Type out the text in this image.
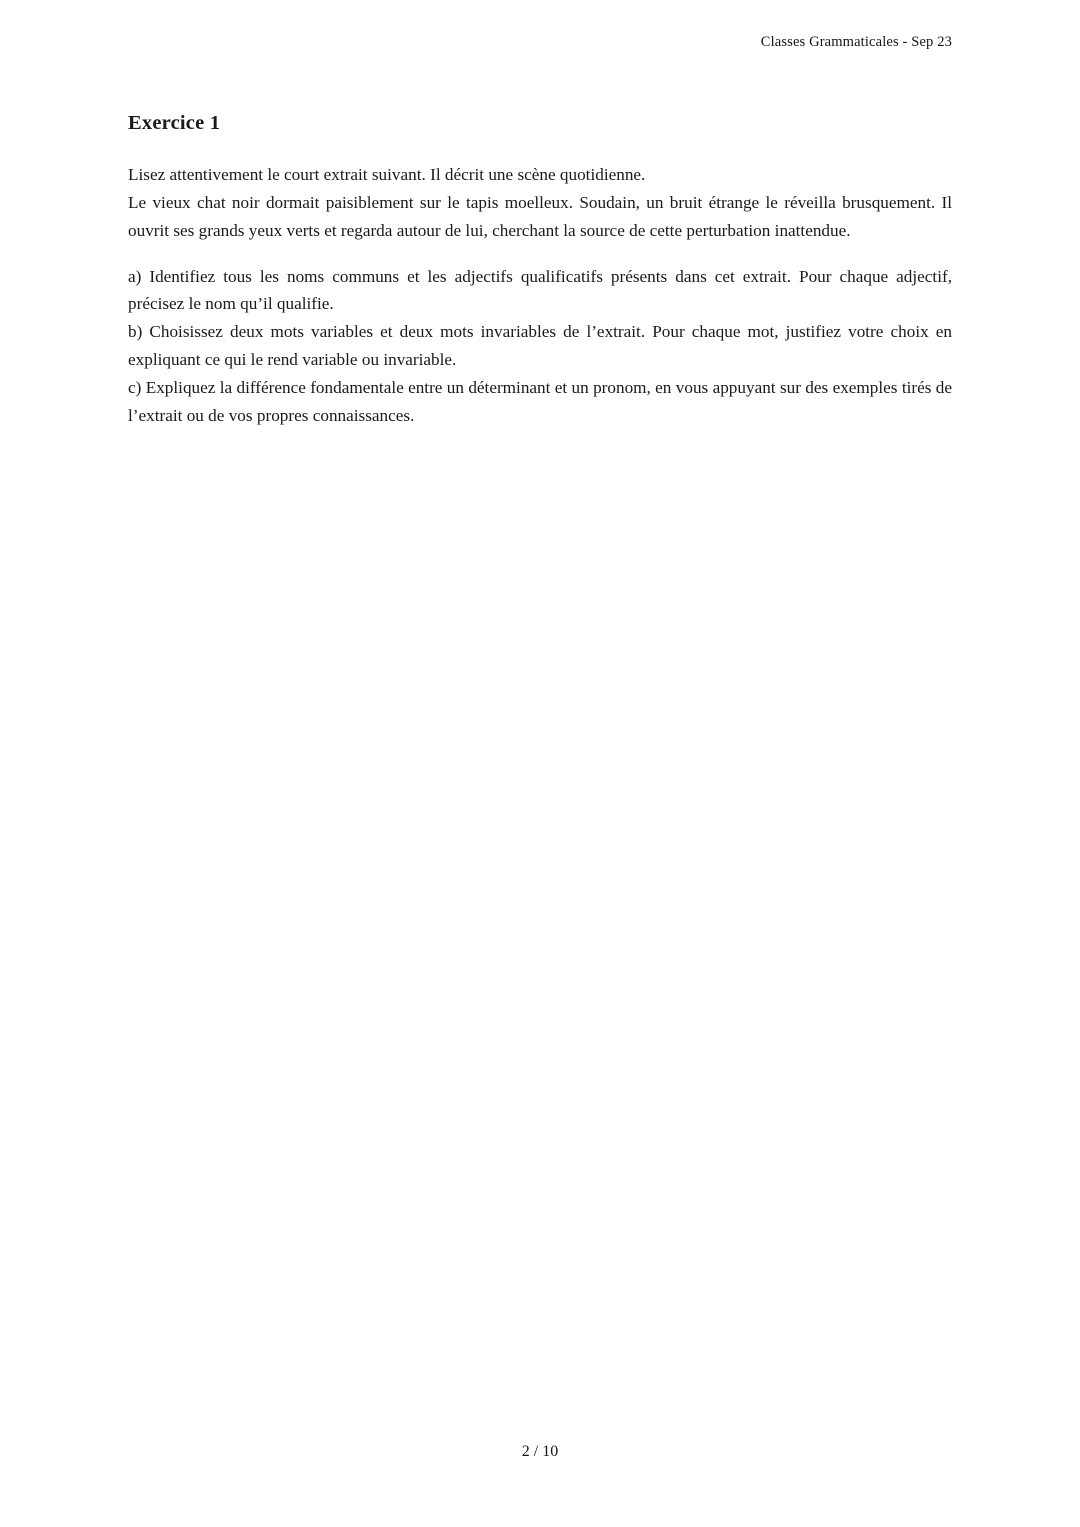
Classes Grammaticales - Sep 23
Exercice 1

Lisez attentivement le court extrait suivant. Il décrit une scène quotidienne.

Le vieux chat noir dormait paisiblement sur le tapis moelleux. Soudain, un bruit étrange le réveilla brusquement. Il ouvrit ses grands yeux verts et regarda autour de lui, cherchant la source de cette perturbation inattendue.

a) Identifiez tous les noms communs et les adjectifs qualificatifs présents dans cet extrait. Pour chaque adjectif, précisez le nom qu’il qualifie.

b) Choisissez deux mots variables et deux mots invariables de l’extrait. Pour chaque mot, justifiez votre choix en expliquant ce qui le rend variable ou invariable.

c) Expliquez la différence fondamentale entre un déterminant et un pronom, en vous appuyant sur des exemples tirés de l’extrait ou de vos propres connaissances.

2 / 10
